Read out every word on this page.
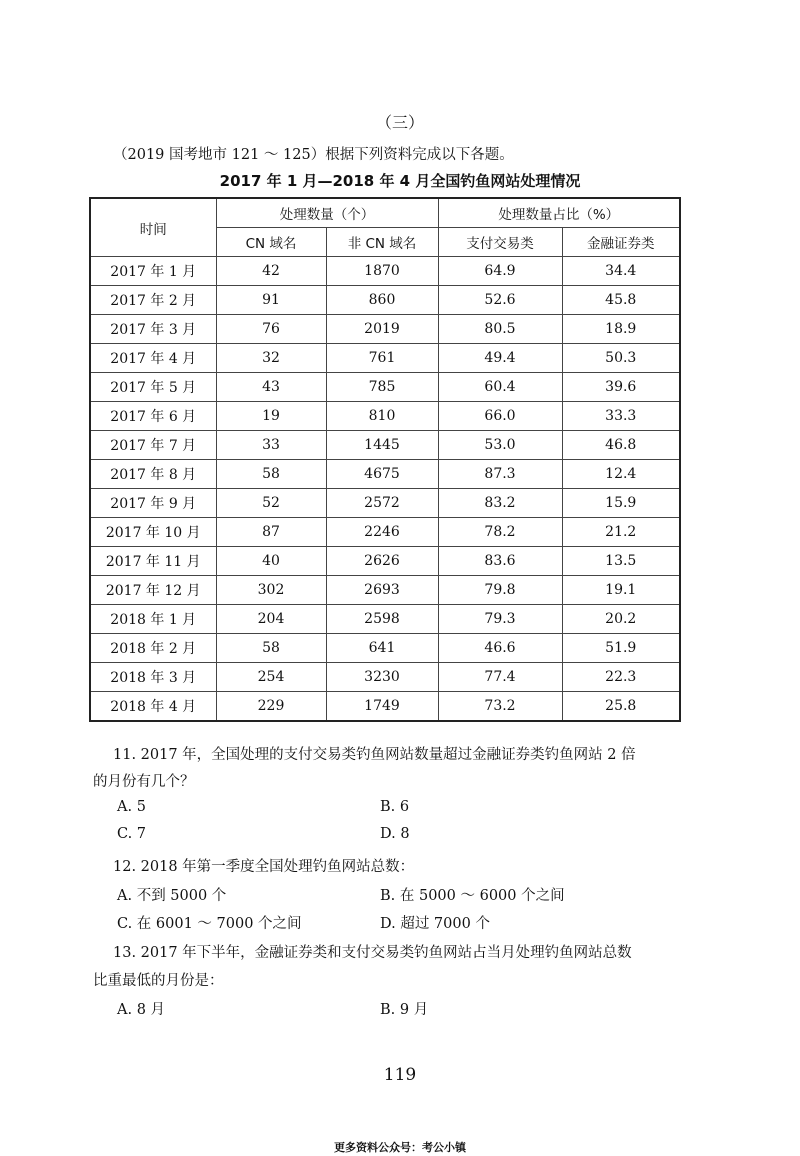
（三）
（2019 国考地市 121 ～ 125）根据下列资料完成以下各题。
2017 年 1 月—2018 年 4 月全国钓鱼网站处理情况
时间	处理数量（个）		处理数量占比（%）	
	CN 域名	非 CN 域名	支付交易类	金融证券类
2017 年 1 月	42	1870	64.9	34.4
2017 年 2 月	91	860	52.6	45.8
2017 年 3 月	76	2019	80.5	18.9
2017 年 4 月	32	761	49.4	50.3
2017 年 5 月	43	785	60.4	39.6
2017 年 6 月	19	810	66.0	33.3
2017 年 7 月	33	1445	53.0	46.8
2017 年 8 月	58	4675	87.3	12.4
2017 年 9 月	52	2572	83.2	15.9
2017 年 10 月	87	2246	78.2	21.2
2017 年 11 月	40	2626	83.6	13.5
2017 年 12 月	302	2693	79.8	19.1
2018 年 1 月	204	2598	79.3	20.2
2018 年 2 月	58	641	46.6	51.9
2018 年 3 月	254	3230	77.4	22.3
2018 年 4 月	229	1749	73.2	25.8
11. 2017 年，全国处理的支付交易类钓鱼网站数量超过金融证券类钓鱼网站 2 倍
的月份有几个？
A. 5	B. 6
C. 7	D. 8
12. 2018 年第一季度全国处理钓鱼网站总数：
A. 不到 5000 个	B. 在 5000 ～ 6000 个之间
C. 在 6001 ～ 7000 个之间	D. 超过 7000 个
13. 2017 年下半年，金融证券类和支付交易类钓鱼网站占当月处理钓鱼网站总数
比重最低的月份是：
A. 8 月	B. 9 月
119
更多资料公众号：考公小镇
